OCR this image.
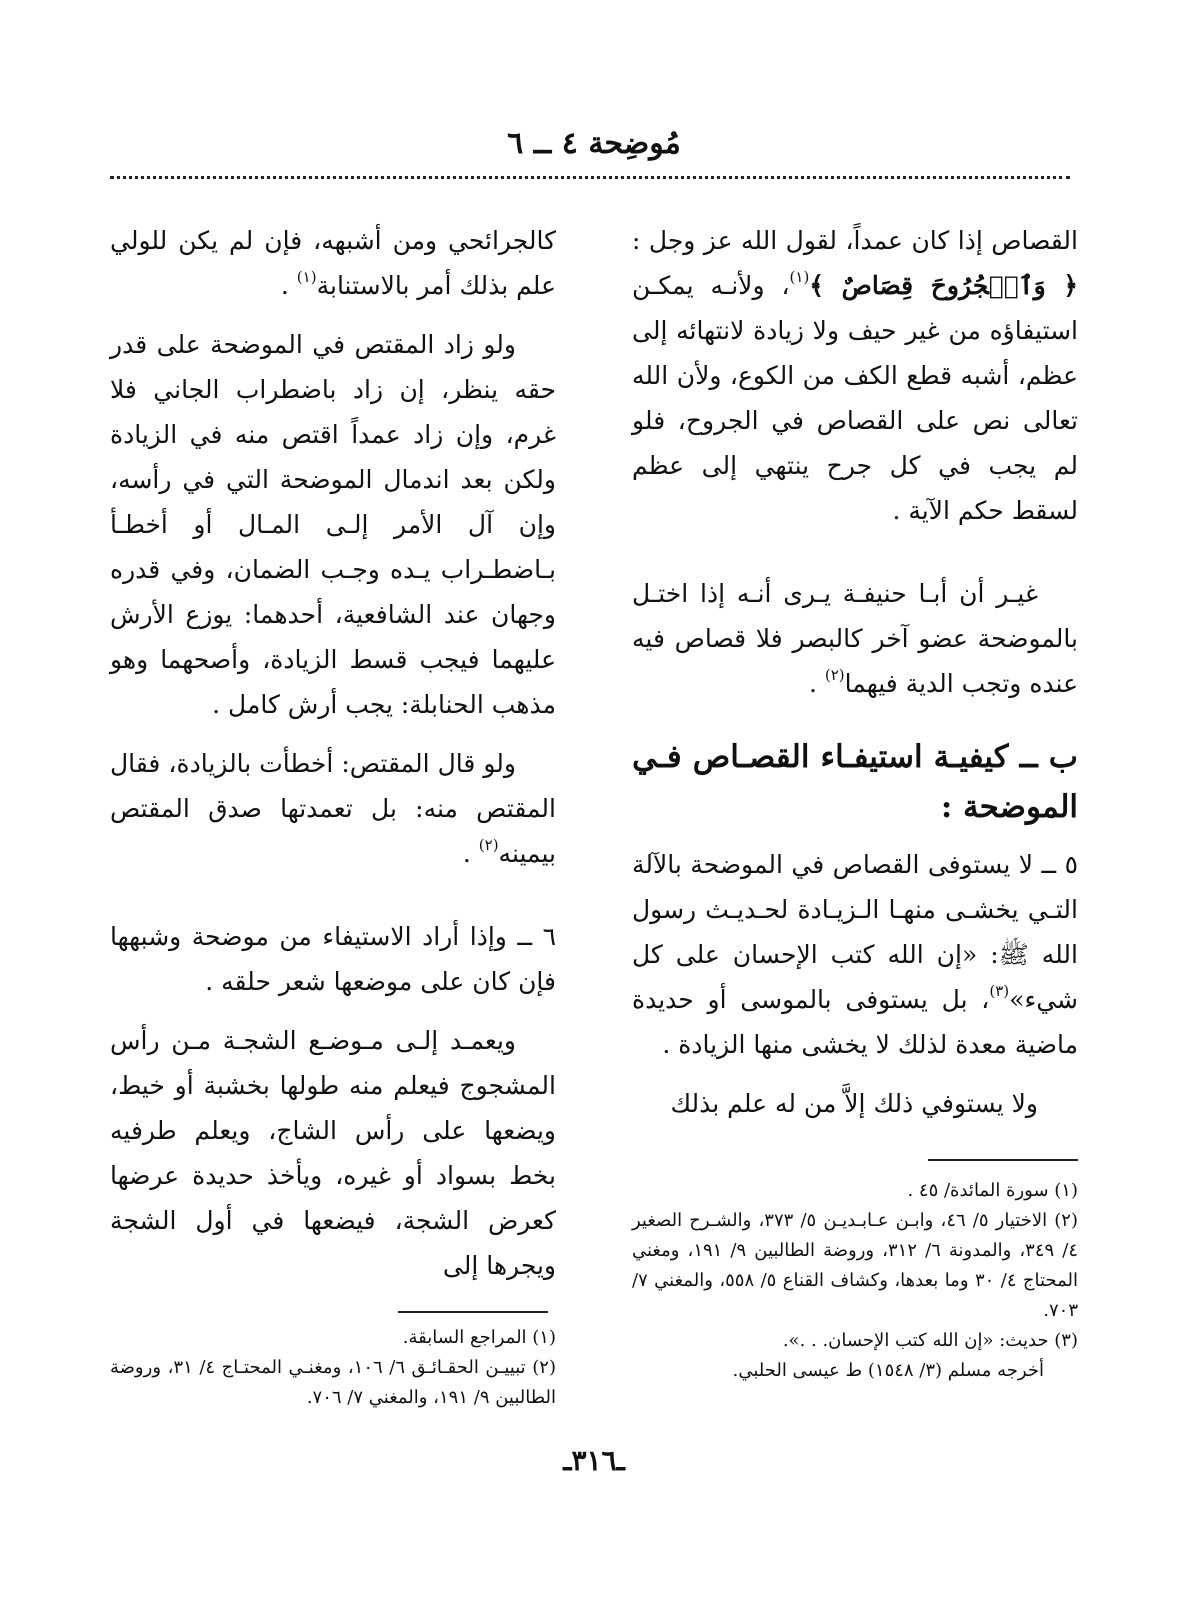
مُوضِحة ٤ ــ ٦

القصاص إذا كان عمداً، لقول الله عز وجل : ﴿ وَٱلۡجُرُوحَ قِصَاصٌ ﴾$^{(١)}$، ولأنـه يمكـن استيفاؤه من غير حيف ولا زيادة لانتهائه إلى عظم، أشبه قطع الكف من الكوع، ولأن الله تعالى نص على القصاص في الجروح، فلو لم يجب في كل جرح ينتهي إلى عظم لسقط حكم الآية .

غيـر أن أبـا حنيفـة يـرى أنـه إذا اختـل بالموضحة عضو آخر كالبصر فلا قصاص فيه عنده وتجب الدية فيهما$^{(٢)}$ .

ب ــ كيفيـة استيفـاء القصـاص فـي الموضحة :

٥ ــ لا يستوفى القصاص في الموضحة بالآلة التـي يخشـى منهـا الـزيـادة لحـديـث رسول الله ﷺ: «إن الله كتب الإحسان على كل شيء»$^{(٣)}$، بل يستوفى بالموسى أو حديدة ماضية معدة لذلك لا يخشى منها الزيادة .

ولا يستوفي ذلك إلاَّ من له علم بذلك

كالجرائحي ومن أشبهه، فإن لم يكن للولي علم بذلك أمر بالاستنابة$^{(١)}$ .

ولو زاد المقتص في الموضحة على قدر حقه ينظر، إن زاد باضطراب الجاني فلا غرم، وإن زاد عمداً اقتص منه في الزيادة ولكن بعد اندمال الموضحة التي في رأسه، وإن آل الأمر إلـى المـال أو أخطـأ بـاضطـراب يـده وجـب الضمان، وفي قدره وجهان عند الشافعية، أحدهما: يوزع الأرش عليهما فيجب قسط الزيادة، وأصحهما وهو مذهب الحنابلة: يجب أرش كامل .

ولو قال المقتص: أخطأت بالزيادة، فقال المقتص منه: بل تعمدتها صدق المقتص بيمينه$^{(٢)}$ .

٦ ــ وإذا أراد الاستيفاء من موضحة وشبهها فإن كان على موضعها شعر حلقه .

ويعمـد إلـى مـوضـع الشجـة مـن رأس المشجوج فيعلم منه طولها بخشبة أو خيط، ويضعها على رأس الشاج، ويعلم طرفيه بخط بسواد أو غيره، ويأخذ حديدة عرضها كعرض الشجة، فيضعها في أول الشجة ويجرها إلى

(١) سورة المائدة/ ٤٥ .
(٢) الاختيار ٥/ ٤٦، وابـن عـابـديـن ٥/ ٣٧٣، والشـرح الصغير ٤/ ٣٤٩، والمدونة ٦/ ٣١٢، وروضة الطالبين ٩/ ١٩١، ومغني المحتاج ٤/ ٣٠ وما بعدها، وكشاف القناع ٥/ ٥٥٨، والمغني ٧/ ٧٠٣.
(٣) حديث: «إن الله كتب الإحسان. . .».
أخرجه مسلم (٣/ ١٥٤٨) ط عيسى الحلبي.
(١) المراجع السابقة.
(٢) تبييـن الحقـائـق ٦/ ١٠٦، ومغنـي المحتـاج ٤/ ٣١، وروضة الطالبين ٩/ ١٩١، والمغني ٧/ ٧٠٦.
ـ٣١٦ـ
